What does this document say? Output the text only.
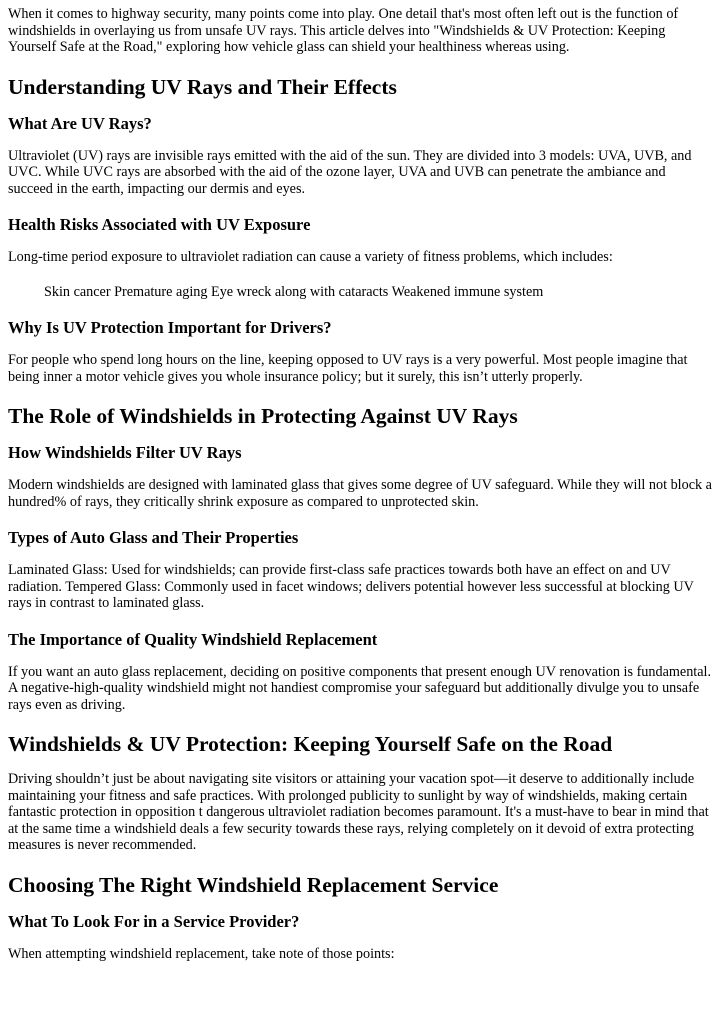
When it comes to highway security, many points come into play. One detail that's most often left out is the function of windshields in overlaying us from unsafe UV rays. This article delves into "Windshields & UV Protection: Keeping Yourself Safe at the Road," exploring how vehicle glass can shield your healthiness whereas using.

Understanding UV Rays and Their Effects
What Are UV Rays?

Ultraviolet (UV) rays are invisible rays emitted with the aid of the sun. They are divided into 3 models: UVA, UVB, and UVC. While UVC rays are absorbed with the aid of the ozone layer, UVA and UVB can penetrate the ambiance and succeed in the earth, impacting our dermis and eyes.

Health Risks Associated with UV Exposure

Long-time period exposure to ultraviolet radiation can cause a variety of fitness problems, which includes:

Skin cancer Premature aging Eye wreck along with cataracts Weakened immune system
Why Is UV Protection Important for Drivers?

For people who spend long hours on the line, keeping opposed to UV rays is a very powerful. Most people imagine that being inner a motor vehicle gives you whole insurance policy; but it surely, this isn’t utterly properly.

The Role of Windshields in Protecting Against UV Rays
How Windshields Filter UV Rays

Modern windshields are designed with laminated glass that gives some degree of UV safeguard. While they will not block a hundred% of rays, they critically shrink exposure as compared to unprotected skin.

Types of Auto Glass and Their Properties

Laminated Glass: Used for windshields; can provide first-class safe practices towards both have an effect on and UV radiation. Tempered Glass: Commonly used in facet windows; delivers potential however less successful at blocking UV rays in contrast to laminated glass.

The Importance of Quality Windshield Replacement

If you want an auto glass replacement, deciding on positive components that present enough UV renovation is fundamental. A negative-high-quality windshield might not handiest compromise your safeguard but additionally divulge you to unsafe rays even as driving.

Windshields & UV Protection: Keeping Yourself Safe on the Road

Driving shouldn’t just be about navigating site visitors or attaining your vacation spot—it deserve to additionally include maintaining your fitness and safe practices. With prolonged publicity to sunlight by way of windshields, making certain fantastic protection in opposition t dangerous ultraviolet radiation becomes paramount. It's a must-have to bear in mind that at the same time a windshield deals a few security towards these rays, relying completely on it devoid of extra protecting measures is never recommended.

Choosing The Right Windshield Replacement Service
What To Look For in a Service Provider?

When attempting windshield replacement, take note of those points:
